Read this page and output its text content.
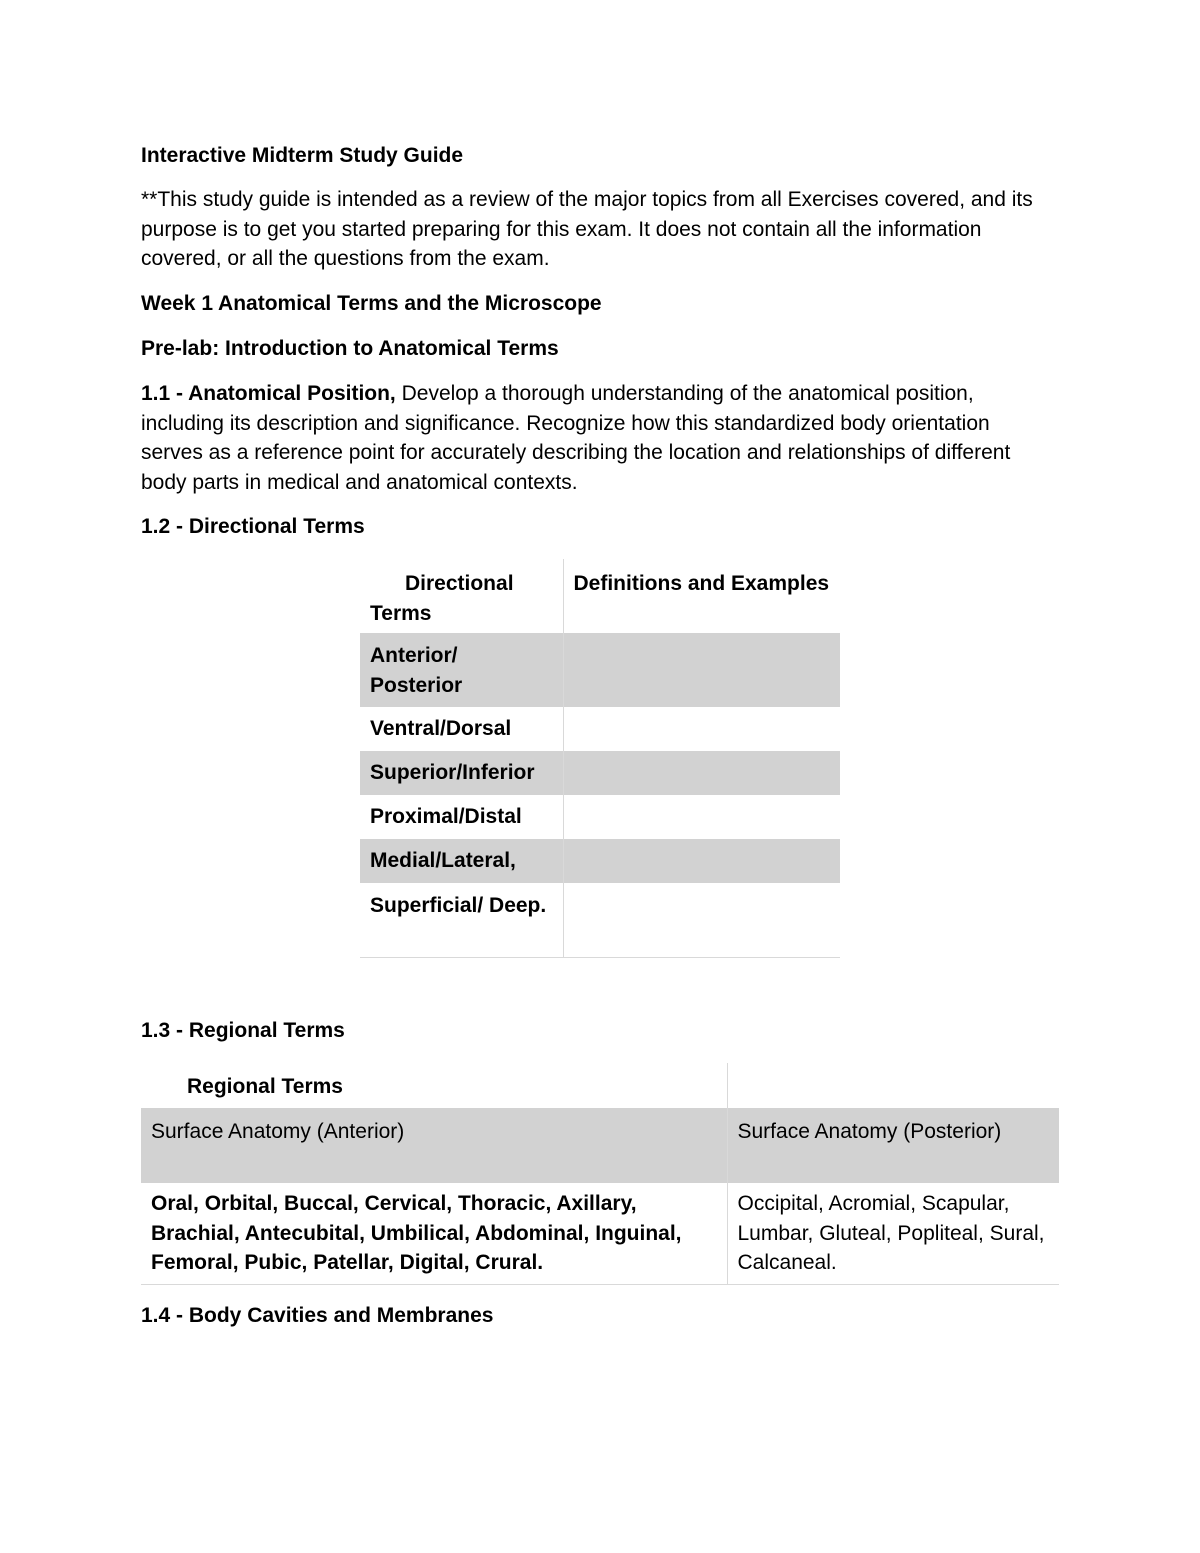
Interactive Midterm Study Guide

**This study guide is intended as a review of the major topics from all Exercises covered, and its purpose is to get you started preparing for this exam. It does not contain all the information covered, or all the questions from the exam.

Week 1 Anatomical Terms and the Microscope

Pre-lab: Introduction to Anatomical Terms

1.1 - Anatomical Position, Develop a thorough understanding of the anatomical position, including its description and significance. Recognize how this standardized body orientation serves as a reference point for accurately describing the location and relationships of different body parts in medical and anatomical contexts.

1.2 - Directional Terms

Directional Terms	Definitions and Examples
Anterior/ Posterior	
Ventral/Dorsal	
Superior/Inferior	
Proximal/Distal	
Medial/Lateral,	
Superficial/ Deep.	

1.3 - Regional Terms

Regional Terms	
Surface Anatomy (Anterior)	Surface Anatomy (Posterior)
Oral, Orbital, Buccal, Cervical, Thoracic, Axillary, Brachial, Antecubital, Umbilical, Abdominal, Inguinal, Femoral, Pubic, Patellar, Digital, Crural.	Occipital, Acromial, Scapular, Lumbar, Gluteal, Popliteal, Sural, Calcaneal.

1.4 - Body Cavities and Membranes
